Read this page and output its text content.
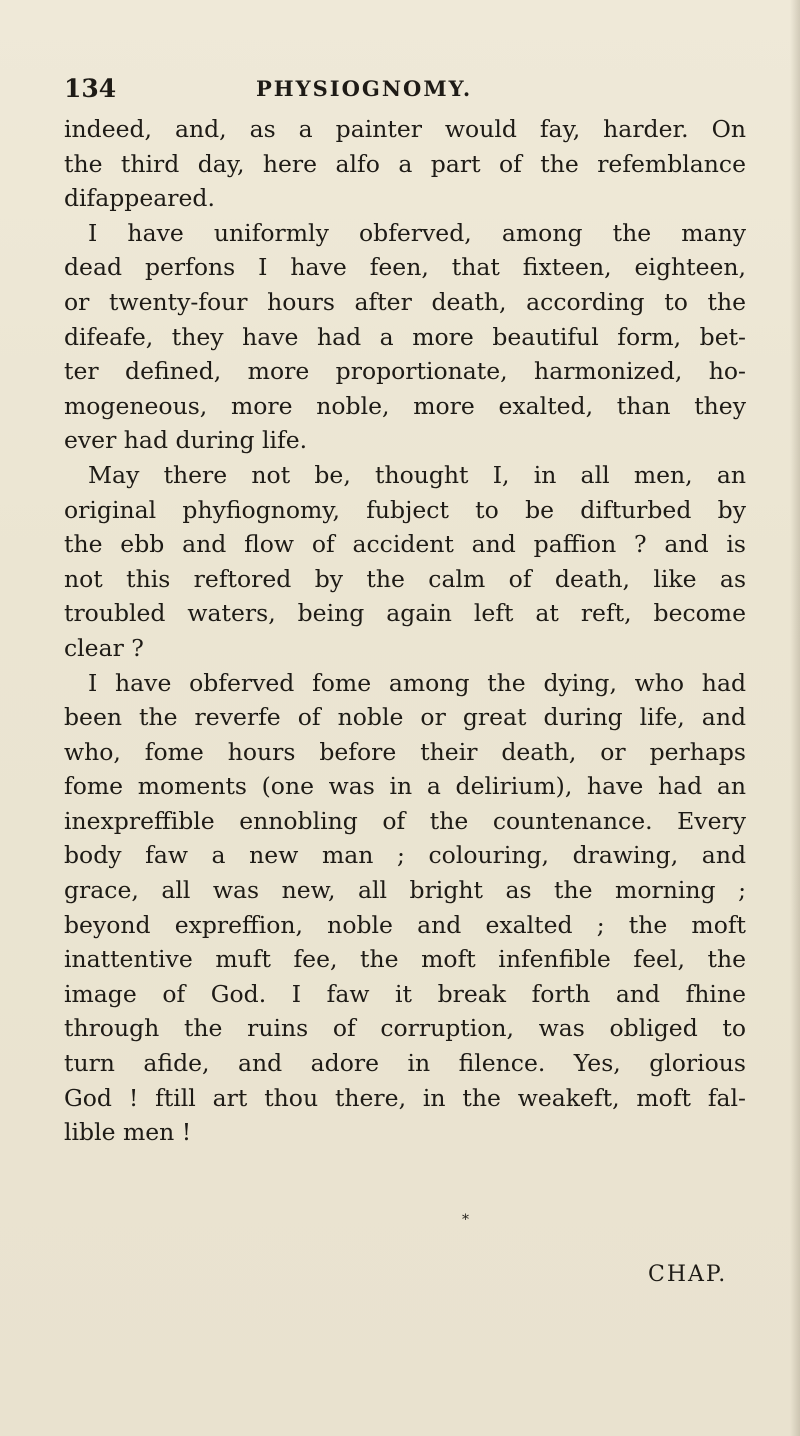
134	PHYSIOGNOMY.
indeed, and, as a painter would fay, harder. On
the third day, here alfo a part of the refemblance
difappeared.
I have uniformly obferved, among the many
dead perfons I have feen, that fixteen, eighteen,
or twenty-four hours after death, according to the
difeafe, they have had a more beautiful form, bet-
ter defined, more proportionate, harmonized, ho-
mogeneous, more noble, more exalted, than they
ever had during life.
May there not be, thought I, in all men, an
original phyfiognomy, fubject to be difturbed by
the ebb and flow of accident and paffion ? and is
not this reftored by the calm of death, like as
troubled waters, being again left at reft, become
clear ?
I have obferved fome among the dying, who had
been the reverfe of noble or great during life, and
who, fome hours before their death, or perhaps
fome moments (one was in a delirium), have had an
inexpreffible ennobling of the countenance. Every
body faw a new man ; colouring, drawing, and
grace, all was new, all bright as the morning ;
beyond expreffion, noble and exalted ; the moft
inattentive muft fee, the moft infenfible feel, the
image of God. I faw it break forth and fhine
through the ruins of corruption, was obliged to
turn afide, and adore in filence. Yes, glorious
God ! ftill art thou there, in the weakeft, moft fal-
lible men !
*
CHAP.
